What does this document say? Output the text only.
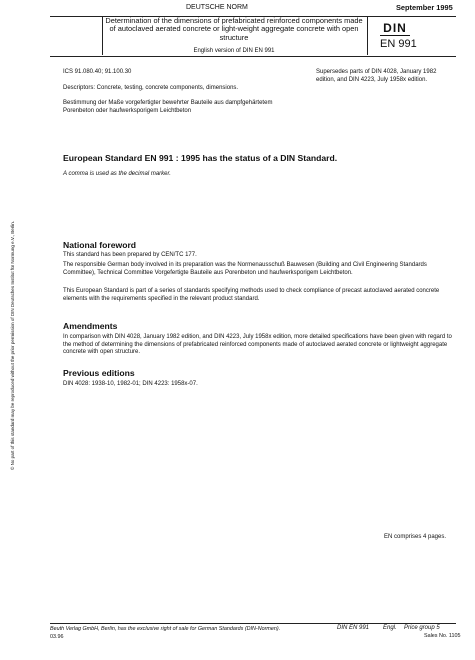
DEUTSCHE NORM	September 1995
Determination of the dimensions of prefabricated reinforced components made of autoclaved aerated concrete or light-weight aggregate concrete with open structure
English version of DIN EN 991
DIN
EN 991
ICS 91.080.40; 91.100.30
Descriptors: Concrete, testing, concrete components, dimensions.
Bestimmung der Maße vorgefertigter bewehrter Bauteile aus dampfgehärtetem Porenbeton oder haufwerksporigem Leichtbeton
Supersedes parts of DIN 4028, January 1982 edition, and DIN 4223, July 1958x edition.
European Standard EN 991 : 1995 has the status of a DIN Standard.
A comma is used as the decimal marker.
National foreword

This standard has been prepared by CEN/TC 177.

The responsible German body involved in its preparation was the Normenausschuß Bauwesen (Building and Civil Engineering Standards Committee), Technical Committee Vorgefertigte Bauteile aus Porenbeton und haufwerksporigem Leichtbeton.

This European Standard is part of a series of standards specifying methods used to check compliance of precast autoclaved aerated concrete elements with the requirements specified in the relevant product standard.

Amendments

In comparison with DIN 4028, January 1982 edition, and DIN 4223, July 1958x edition, more detailed specifications have been given with regard to the method of determining the dimensions of prefabricated reinforced components made of autoclaved aerated concrete or lightweight aggregate concrete with open structure.

Previous editions

DIN 4028: 1938-10, 1982-01; DIN 4223: 1958x-07.

EN comprises 4 pages.
© No part of this standard may be reproduced without the prior permission of DIN Deutsches Institut für Normung e.V., Berlin.
Beuth Verlag GmbH, Berlin, has the exclusive right of sale for German Standards (DIN-Normen).
03.96
DIN EN 991 Engl. Price group 5
Sales No. 1105
